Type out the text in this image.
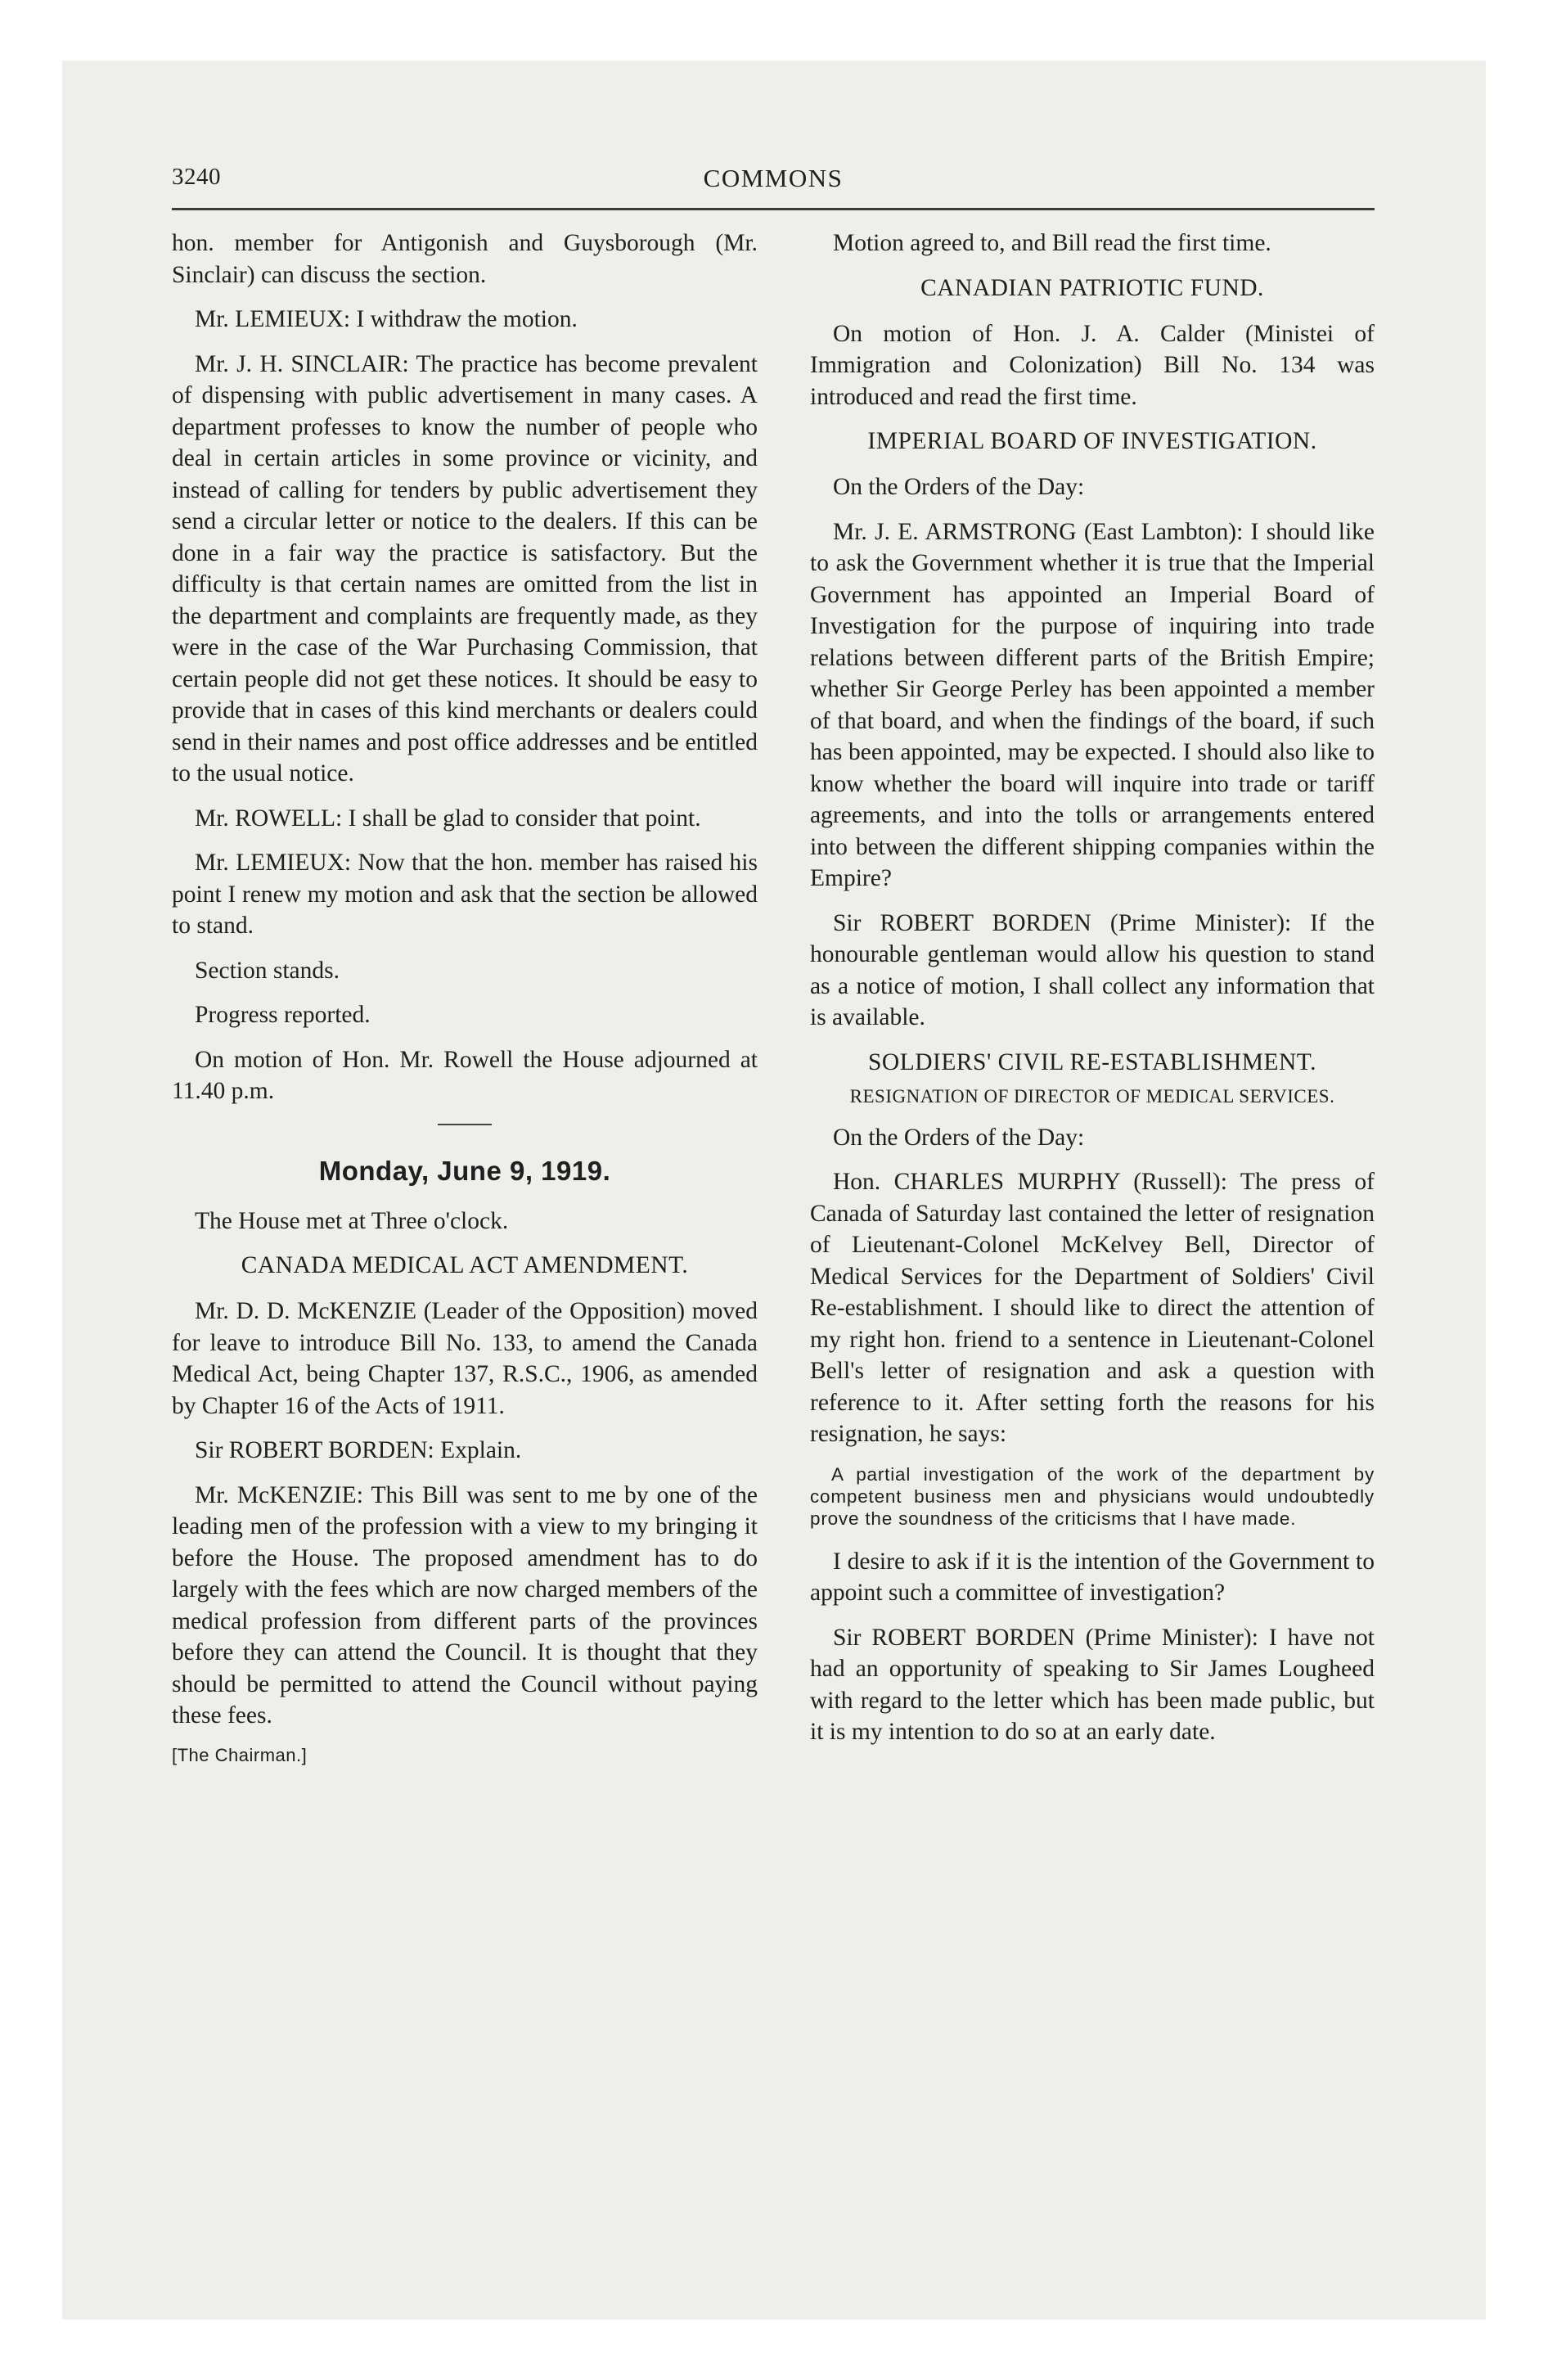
3240	COMMONS

hon. member for Antigonish and Guysborough (Mr. Sinclair) can discuss the section.

Mr. LEMIEUX: I withdraw the motion.

Mr. J. H. SINCLAIR: The practice has become prevalent of dispensing with public advertisement in many cases. A department professes to know the number of people who deal in certain articles in some province or vicinity, and instead of calling for tenders by public advertisement they send a circular letter or notice to the dealers. If this can be done in a fair way the practice is satisfactory. But the difficulty is that certain names are omitted from the list in the department and complaints are frequently made, as they were in the case of the War Purchasing Commission, that certain people did not get these notices. It should be easy to provide that in cases of this kind merchants or dealers could send in their names and post office addresses and be entitled to the usual notice.

Mr. ROWELL: I shall be glad to consider that point.

Mr. LEMIEUX: Now that the hon. member has raised his point I renew my motion and ask that the section be allowed to stand.

Section stands.

Progress reported.

On motion of Hon. Mr. Rowell the House adjourned at 11.40 p.m.

Monday, June 9, 1919.

The House met at Three o'clock.

CANADA MEDICAL ACT AMENDMENT.

Mr. D. D. McKENZIE (Leader of the Opposition) moved for leave to introduce Bill No. 133, to amend the Canada Medical Act, being Chapter 137, R.S.C., 1906, as amended by Chapter 16 of the Acts of 1911.

Sir ROBERT BORDEN: Explain.

Mr. McKENZIE: This Bill was sent to me by one of the leading men of the profession with a view to my bringing it before the House. The proposed amendment has to do largely with the fees which are now charged members of the medical profession from different parts of the provinces before they can attend the Council. It is thought that they should be permitted to attend the Council without paying these fees.

[The Chairman.]

Motion agreed to, and Bill read the first time.

CANADIAN PATRIOTIC FUND.

On motion of Hon. J. A. Calder (Ministei of Immigration and Colonization) Bill No. 134 was introduced and read the first time.

IMPERIAL BOARD OF INVESTIGATION.

On the Orders of the Day:

Mr. J. E. ARMSTRONG (East Lambton): I should like to ask the Government whether it is true that the Imperial Government has appointed an Imperial Board of Investigation for the purpose of inquiring into trade relations between different parts of the British Empire; whether Sir George Perley has been appointed a member of that board, and when the findings of the board, if such has been appointed, may be expected. I should also like to know whether the board will inquire into trade or tariff agreements, and into the tolls or arrangements entered into between the different shipping companies within the Empire?

Sir ROBERT BORDEN (Prime Minister): If the honourable gentleman would allow his question to stand as a notice of motion, I shall collect any information that is available.

SOLDIERS' CIVIL RE-ESTABLISHMENT.
RESIGNATION OF DIRECTOR OF MEDICAL SERVICES.

On the Orders of the Day:

Hon. CHARLES MURPHY (Russell): The press of Canada of Saturday last contained the letter of resignation of Lieutenant-Colonel McKelvey Bell, Director of Medical Services for the Department of Soldiers' Civil Re-establishment. I should like to direct the attention of my right hon. friend to a sentence in Lieutenant-Colonel Bell's letter of resignation and ask a question with reference to it. After setting forth the reasons for his resignation, he says:

A partial investigation of the work of the department by competent business men and physicians would undoubtedly prove the soundness of the criticisms that I have made.

I desire to ask if it is the intention of the Government to appoint such a committee of investigation?

Sir ROBERT BORDEN (Prime Minister): I have not had an opportunity of speaking to Sir James Lougheed with regard to the letter which has been made public, but it is my intention to do so at an early date.
